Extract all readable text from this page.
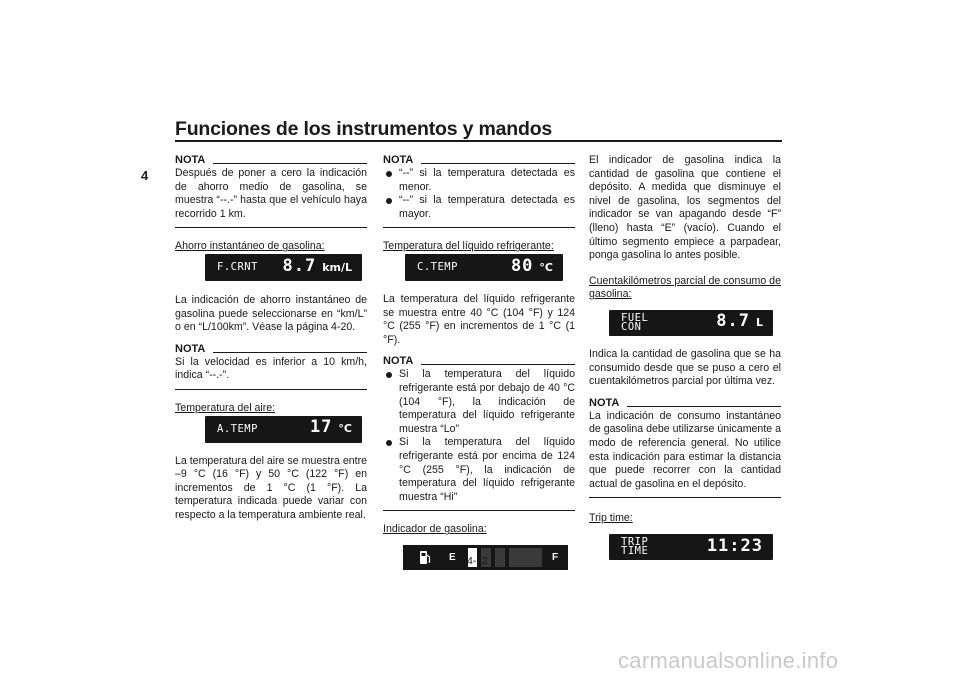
Funciones de los instrumentos y mandos
4
NOTA

Después de poner a cero la indicación de ahorro medio de gasolina, se muestra “--.-” hasta que el vehículo haya recorrido 1 km.

Ahorro instantáneo de gasolina:

F.CRNT 8.7 km/L

La indicación de ahorro instantáneo de gasolina puede seleccionarse en “km/L” o en “L/100km”. Véase la página 4-20.

NOTA

Si la velocidad es inferior a 10 km/h, indica “--.-”.

Temperatura del aire:

A.TEMP	17 °C

La temperatura del aire se muestra entre –9 °C (16 °F) y 50 °C (122 °F) en incrementos de 1 °C (1 °F). La temperatura indicada puede variar con respecto a la temperatura ambiente real.

NOTA
“--” si la temperatura detectada es menor.
“--” si la temperatura detectada es mayor.

Temperatura del líquido refrigerante:

C.TEMP	80 °C

La temperatura del líquido refrigerante se muestra entre 40 °C (104 °F) y 124 °C (255 °F) en incrementos de 1 °C (1 °F).

NOTA
Si la temperatura del líquido refrigerante está por debajo de 40 °C (104 °F), la indicación de temperatura del líquido refrigerante muestra “Lo”
Si la temperatura del líquido refrigerante está por encima de 124 °C (255 °F), la indicación de temperatura del líquido refrigerante muestra “Hi”

Indicador de gasolina:

E	F

El indicador de gasolina indica la cantidad de gasolina que contiene el depósito. A medida que disminuye el nivel de gasolina, los segmentos del indicador se van apagando desde “F” (lleno) hasta “E” (vacío). Cuando el último segmento empiece a parpadear, ponga gasolina lo antes posible.

Cuentakilómetros parcial de consumo de gasolina:

FUEL
CON	8.7 L

Indica la cantidad de gasolina que se ha consumido desde que se puso a cero el cuentakilómetros parcial por última vez.

NOTA

La indicación de consumo instantáneo de gasolina debe utilizarse únicamente a modo de referencia general. No utilice esta indicación para estimar la distancia que puede recorrer con la cantidad actual de gasolina en el depósito.

Trip time:

TRIP
TIME	11:23
4-12
carmanualsonline.info
